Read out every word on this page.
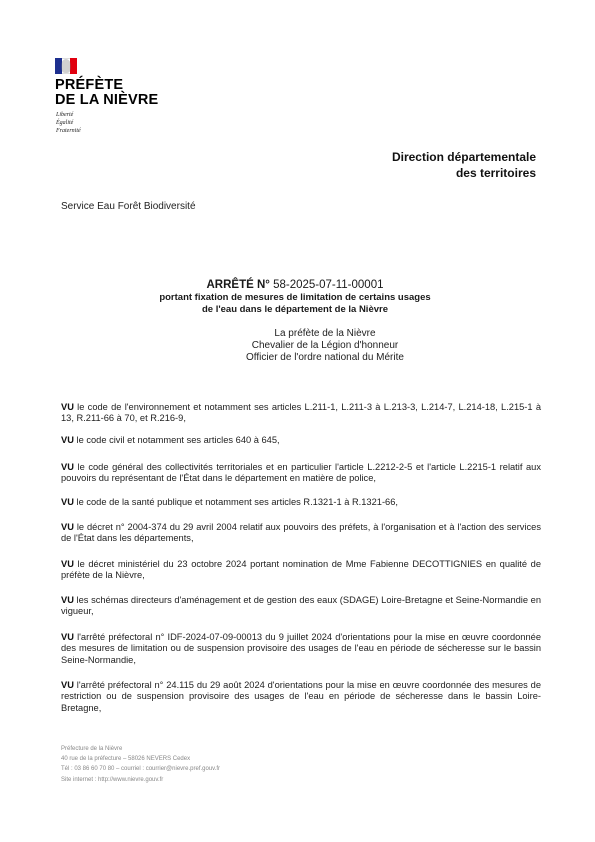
PRÉFÈTE
DE LA NIÈVRE
Liberté
Égalité
Fraternité
Direction départementale
des territoires
Service Eau Forêt Biodiversité
ARRÊTÉ N° 58-2025-07-11-00001
portant fixation de mesures de limitation de certains usages
de l'eau dans le département de la Nièvre
La préfète de la Nièvre
Chevalier de la Légion d'honneur
Officier de l'ordre national du Mérite

VU le code de l'environnement et notamment ses articles L.211-1, L.211-3 à L.213-3, L.214-7, L.214-18, L.215-1 à 13, R.211-66 à 70, et R.216-9,

VU le code civil et notamment ses articles 640 à 645,

VU le code général des collectivités territoriales et en particulier l'article L.2212-2-5 et l'article L.2215-1 relatif aux pouvoirs du représentant de l'État dans le département en matière de police,

VU le code de la santé publique et notamment ses articles R.1321-1 à R.1321-66,

VU le décret n° 2004-374 du 29 avril 2004 relatif aux pouvoirs des préfets, à l'organisation et à l'action des services de l'État dans les départements,

VU le décret ministériel du 23 octobre 2024 portant nomination de Mme Fabienne DECOTTIGNIES en qualité de préfète de la Nièvre,

VU les schémas directeurs d'aménagement et de gestion des eaux (SDAGE) Loire-Bretagne et Seine-Normandie en vigueur,

VU l'arrêté préfectoral n° IDF-2024-07-09-00013 du 9 juillet 2024 d'orientations pour la mise en œuvre coordonnée des mesures de limitation ou de suspension provisoire des usages de l'eau en période de sécheresse sur le bassin Seine-Normandie,

VU l'arrêté préfectoral n° 24.115 du 29 août 2024 d'orientations pour la mise en œuvre coordonnée des mesures de restriction ou de suspension provisoire des usages de l'eau en période de sécheresse dans le bassin Loire-Bretagne,

Préfecture de la Nièvre
40 rue de la préfecture – 58026 NEVERS Cedex
Tél : 03 86 60 70 80 – courriel : courrier@nievre.pref.gouv.fr
Site internet : http://www.nievre.gouv.fr
